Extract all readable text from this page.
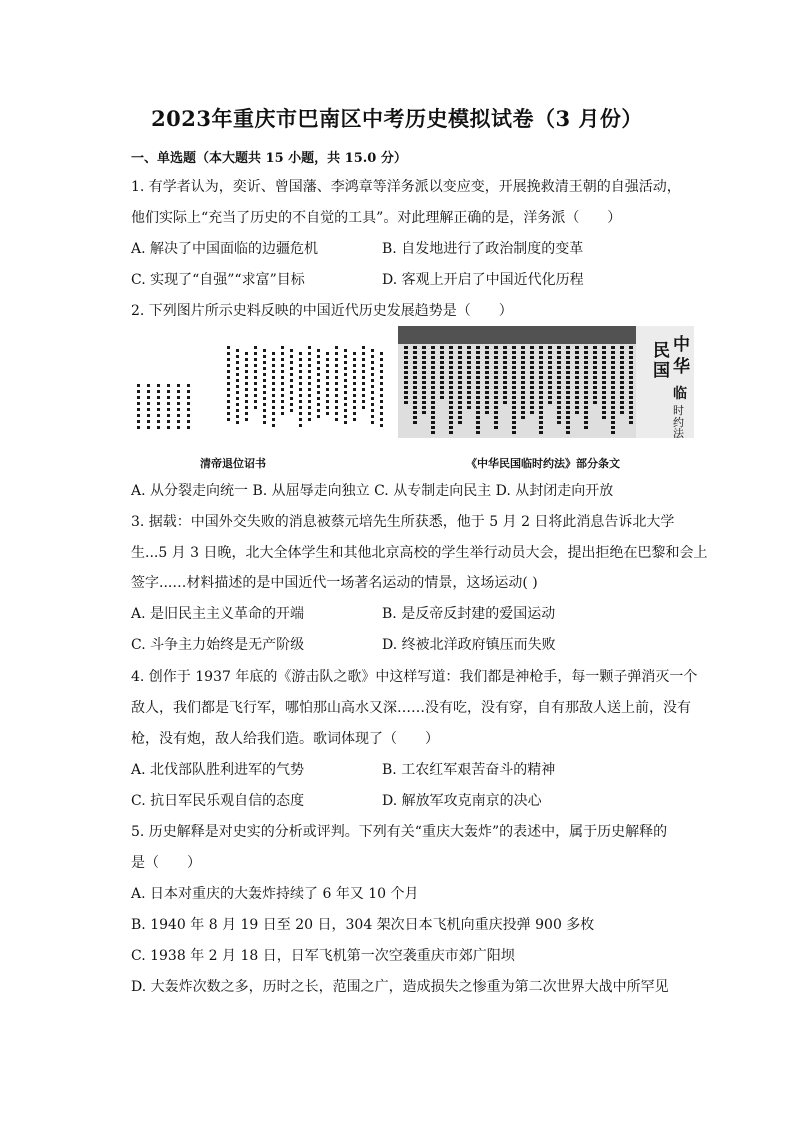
2023年重庆市巴南区中考历史模拟试卷（3 月份）
一、单选题（本大题共 15 小题，共 15.0 分）
1. 有学者认为，奕䜣、曾国藩、李鸿章等洋务派以变应变，开展挽救清王朝的自强活动，
他们实际上“充当了历史的不自觉的工具”。对此理解正确的是，洋务派（　　）
A. 解决了中国面临的边疆危机	B. 自发地进行了政治制度的变革
C. 实现了“自强”“求富”目标	D. 客观上开启了中国近代化历程
2. 下列图片所示史料反映的中国近代历史发展趋势是（　　）
清帝退位诏书
民 中
国 华
临
时
约
法
《中华民国临时约法》部分条文
A. 从分裂走向统一 B. 从屈辱走向独立 C. 从专制走向民主 D. 从封闭走向开放
3. 据载：中国外交失败的消息被蔡元培先生所获悉，他于 5 月 2 日将此消息告诉北大学
生...5 月 3 日晚，北大全体学生和其他北京高校的学生举行动员大会，提出拒绝在巴黎和会上
签字...…材料描述的是中国近代一场著名运动的情景，这场运动( )
A. 是旧民主主义革命的开端	B. 是反帝反封建的爱国运动
C. 斗争主力始终是无产阶级	D. 终被北洋政府镇压而失败
4. 创作于 1937 年底的《游击队之歌》中这样写道：我们都是神枪手，每一颗子弹消灭一个
敌人，我们都是飞行军，哪怕那山高水又深……没有吃，没有穿，自有那敌人送上前，没有
枪，没有炮，敌人给我们造。歌词体现了（　　）
A. 北伐部队胜利进军的气势	B. 工农红军艰苦奋斗的精神
C. 抗日军民乐观自信的态度	D. 解放军攻克南京的决心
5. 历史解释是对史实的分析或评判。下列有关“重庆大轰炸”的表述中，属于历史解释的
是（　　）
A. 日本对重庆的大轰炸持续了 6 年又 10 个月
B. 1940 年 8 月 19 日至 20 日，304 架次日本飞机向重庆投弹 900 多枚
C. 1938 年 2 月 18 日，日军飞机第一次空袭重庆市郊广阳坝
D. 大轰炸次数之多，历时之长，范围之广，造成损失之惨重为第二次世界大战中所罕见
